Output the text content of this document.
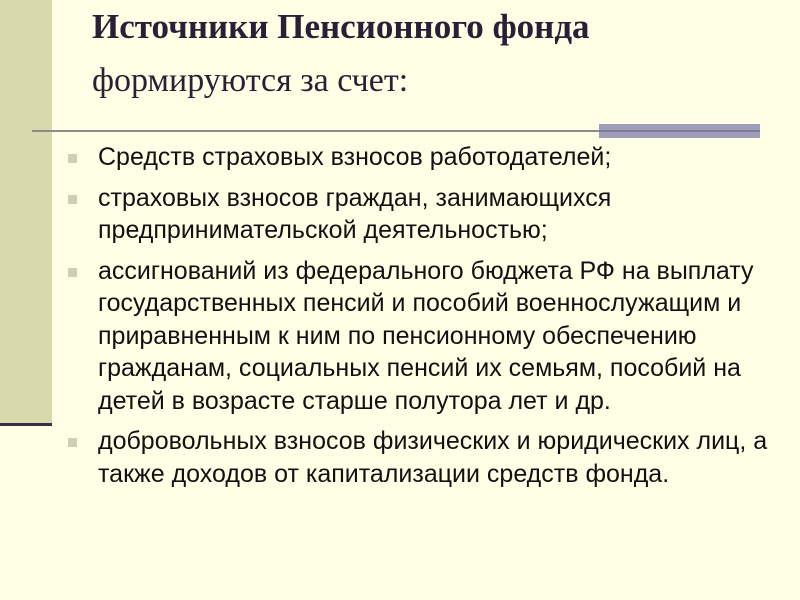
Источники Пенсионного фонда
формируются за счет:
Средств страховых взносов работодателей;
страховых взносов граждан, занимающихся предпринимательской деятельностью;
ассигнований из федерального бюджета РФ на выплату государственных пенсий и пособий военнослужащим и приравненным к ним по пенсионному обеспечению гражданам, социальных пенсий их семьям, пособий на детей в возрасте старше полутора лет и др.
добровольных взносов физических и юридических лиц, а также доходов от капитализации средств фонда.
